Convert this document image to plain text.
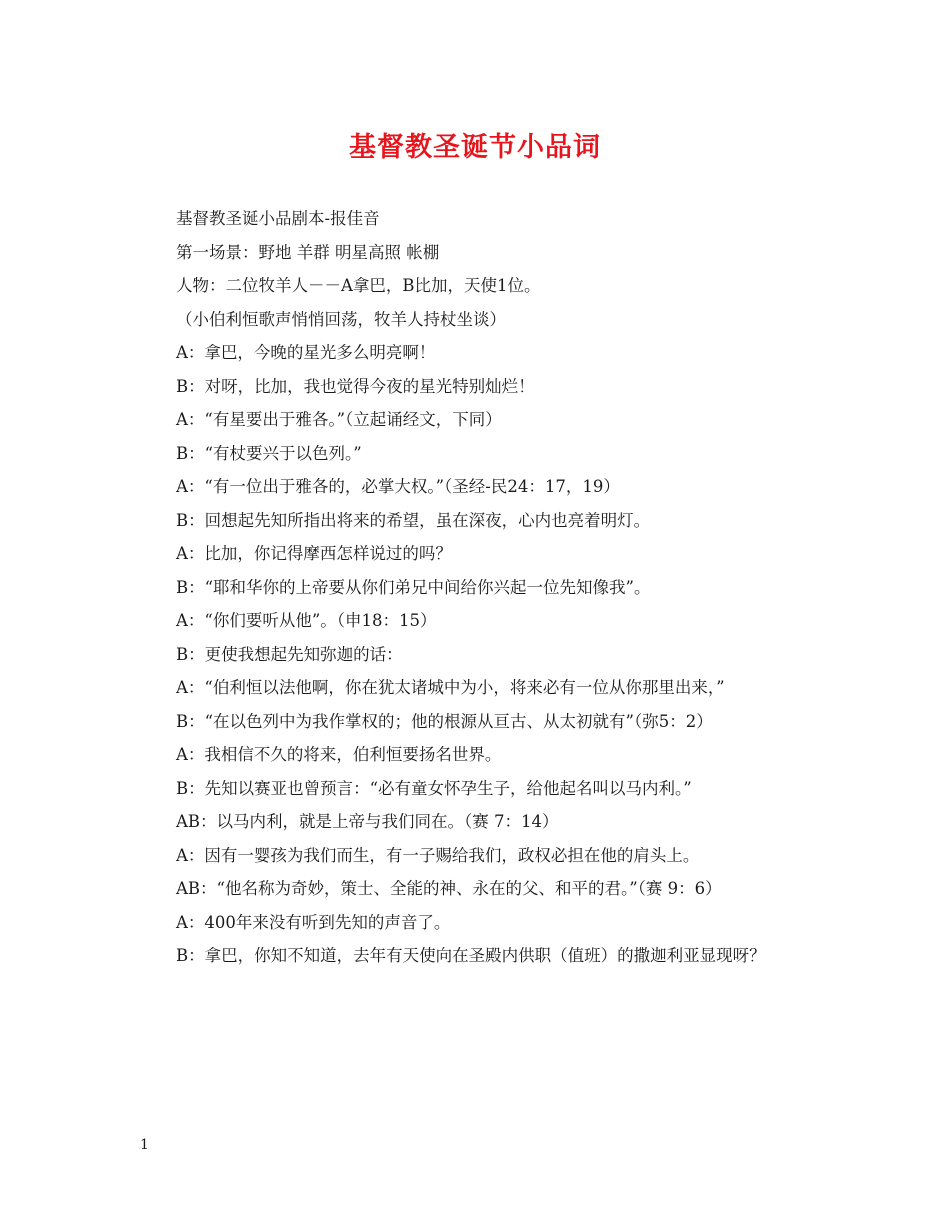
基督教圣诞节小品词
基督教圣诞小品剧本-报佳音
第一场景：野地 羊群 明星高照 帐棚
人物：二位牧羊人－－A拿巴，B比加，天使1位。
（小伯利恒歌声悄悄回荡，牧羊人持杖坐谈）
A：拿巴，今晚的星光多么明亮啊！
B：对呀，比加，我也觉得今夜的星光特别灿烂！
A：“有星要出于雅各。”（立起诵经文，下同）
B：“有杖要兴于以色列。”
A：“有一位出于雅各的，必掌大权。”（圣经-民24：17，19）
B：回想起先知所指出将来的希望，虽在深夜，心内也亮着明灯。
A：比加，你记得摩西怎样说过的吗？
B：“耶和华你的上帝要从你们弟兄中间给你兴起一位先知像我”。
A：“你们要听从他”。（申18：15）
B：更使我想起先知弥迦的话：
A：“伯利恒以法他啊，你在犹太诸城中为小，将来必有一位从你那里出来，”
B：“在以色列中为我作掌权的；他的根源从亘古、从太初就有”（弥5：2）
A：我相信不久的将来，伯利恒要扬名世界。
B：先知以赛亚也曾预言：“必有童女怀孕生子，给他起名叫以马内利。”
AB：以马内利，就是上帝与我们同在。（赛 7：14）
A：因有一婴孩为我们而生，有一子赐给我们，政权必担在他的肩头上。
AB：“他名称为奇妙，策士、全能的神、永在的父、和平的君。”（赛 9：6）
A：400年来没有听到先知的声音了。
B：拿巴，你知不知道，去年有天使向在圣殿内供职（值班）的撒迦利亚显现呀？
1
